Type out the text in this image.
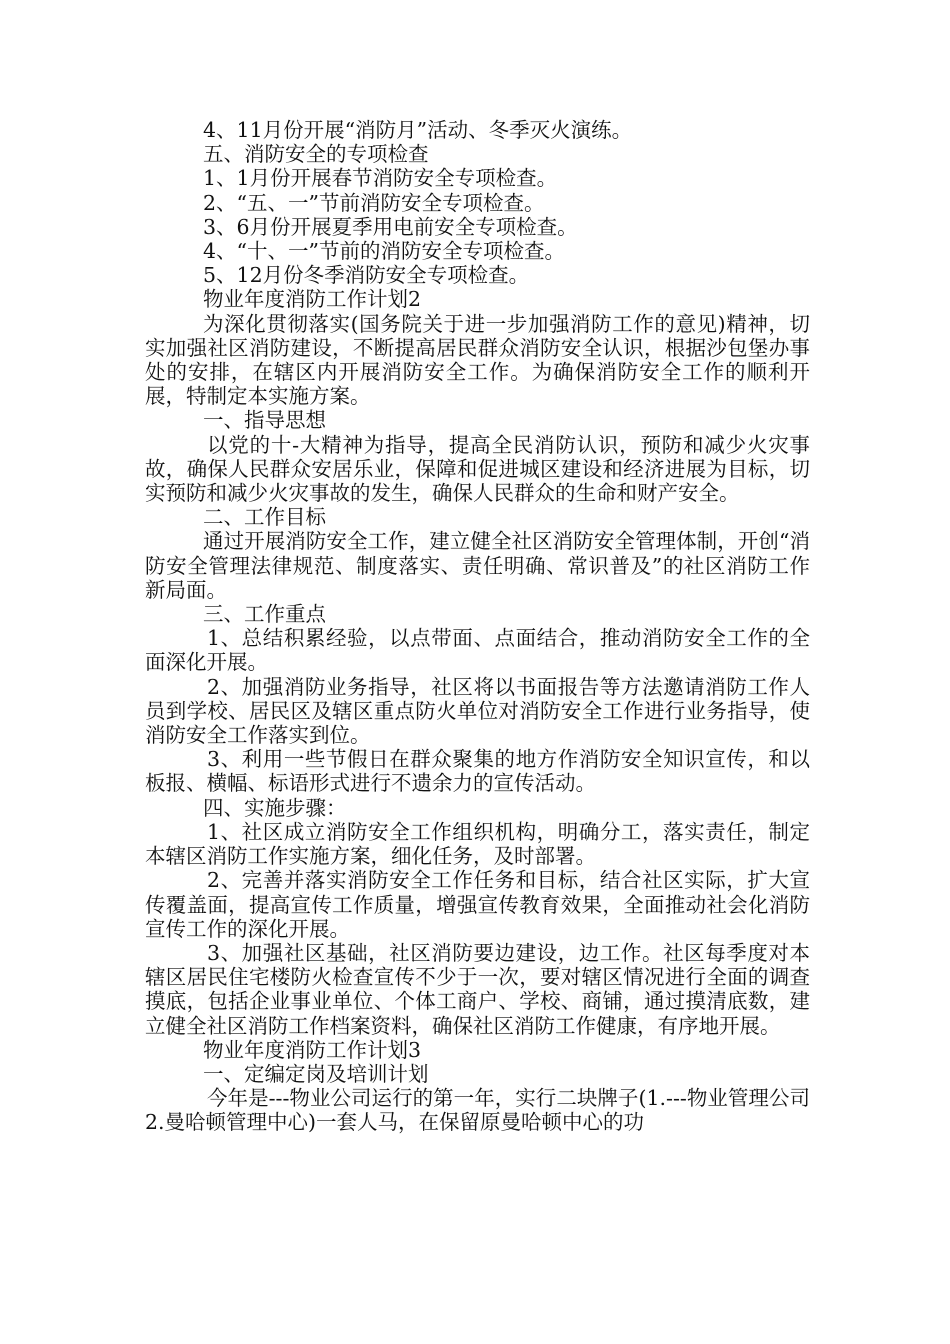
4、11月份开展“消防月”活动、冬季灭火演练。

五、消防安全的专项检查

1、1月份开展春节消防安全专项检查。

2、“五、一”节前消防安全专项检查。

3、6月份开展夏季用电前安全专项检查。

4、“十、一”节前的消防安全专项检查。

5、12月份冬季消防安全专项检查。

物业年度消防工作计划2

为深化贯彻落实(国务院关于进一步加强消防工作的意见)精神，切实加强社区消防建设，不断提高居民群众消防安全认识，根据沙包堡办事处的安排，在辖区内开展消防安全工作。为确保消防安全工作的顺利开展，特制定本实施方案。

一、指导思想

以党的十-大精神为指导，提高全民消防认识，预防和减少火灾事故，确保人民群众安居乐业，保障和促进城区建设和经济进展为目标，切实预防和减少火灾事故的发生，确保人民群众的生命和财产安全。

二、工作目标

通过开展消防安全工作，建立健全社区消防安全管理体制，开创“消防安全管理法律规范、制度落实、责任明确、常识普及”的社区消防工作新局面。

三、工作重点

1、总结积累经验，以点带面、点面结合，推动消防安全工作的全面深化开展。

2、加强消防业务指导，社区将以书面报告等方法邀请消防工作人员到学校、居民区及辖区重点防火单位对消防安全工作进行业务指导，使消防安全工作落实到位。

3、利用一些节假日在群众聚集的地方作消防安全知识宣传，和以板报、横幅、标语形式进行不遗余力的宣传活动。

四、实施步骤：

1、社区成立消防安全工作组织机构，明确分工，落实责任，制定本辖区消防工作实施方案，细化任务，及时部署。

2、完善并落实消防安全工作任务和目标，结合社区实际，扩大宣传覆盖面，提高宣传工作质量，增强宣传教育效果，全面推动社会化消防宣传工作的深化开展。

3、加强社区基础，社区消防要边建设，边工作。社区每季度对本辖区居民住宅楼防火检查宣传不少于一次，要对辖区情况进行全面的调查摸底，包括企业事业单位、个体工商户、学校、商铺，通过摸清底数，建立健全社区消防工作档案资料，确保社区消防工作健康，有序地开展。

物业年度消防工作计划3

一、定编定岗及培训计划

今年是---物业公司运行的第一年，实行二块牌子(1.---物业管理公司2.曼哈顿管理中心)一套人马，在保留原曼哈顿中心的功
